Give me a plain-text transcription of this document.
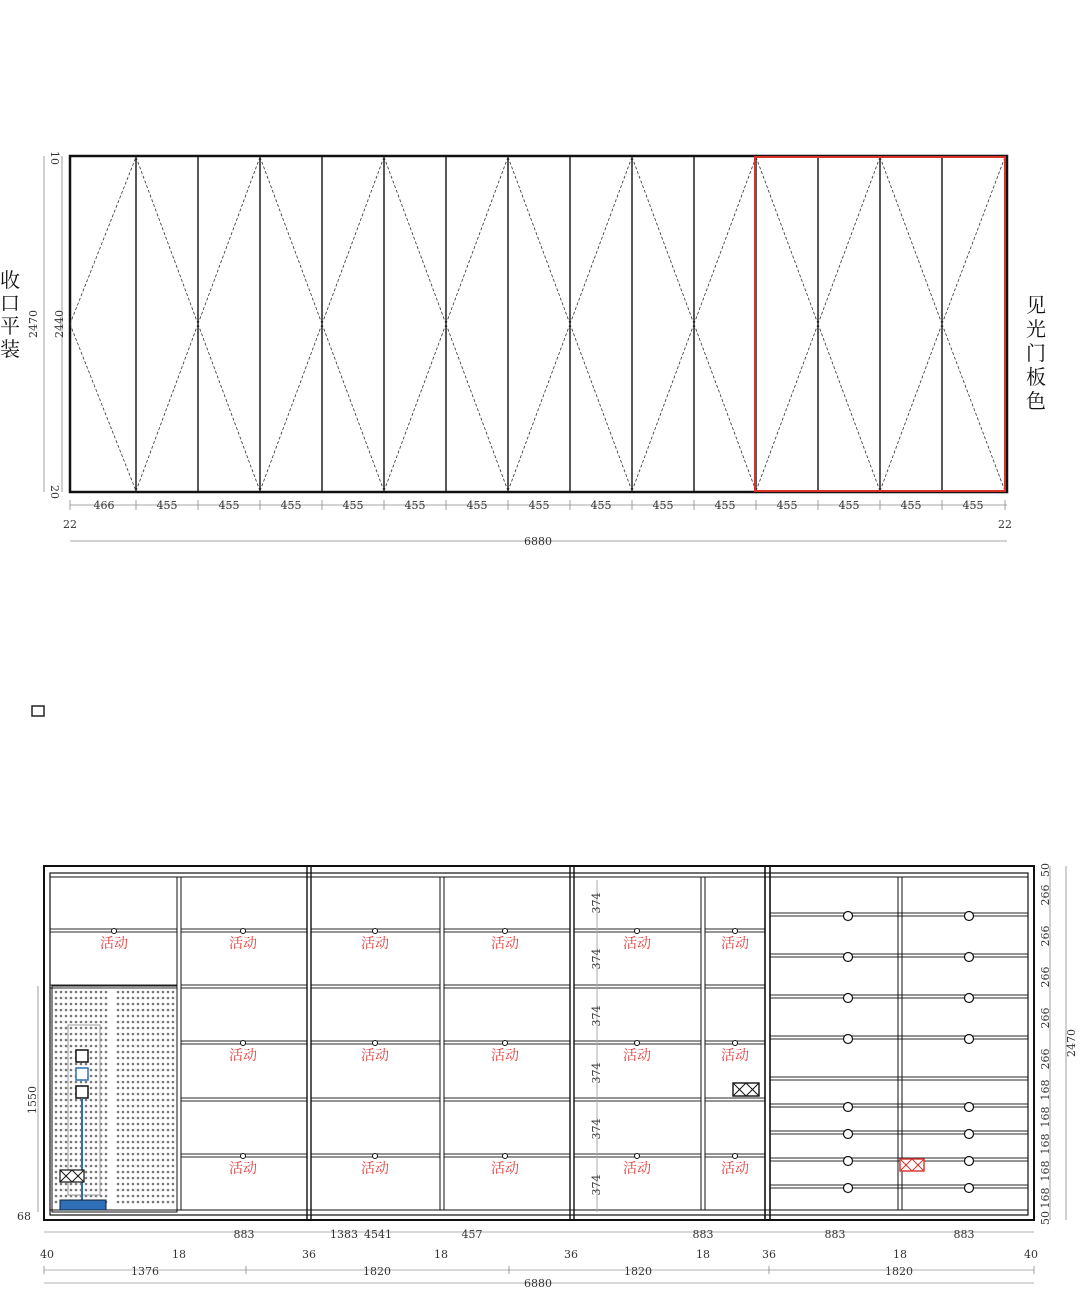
收
口
平
装
见
光
门
板
色
10
2440
2470
20
466	455	455	455	455	455	455	455	455	455	455	455	455	455	455
22	22
6880
活动	活动	活动	活动	活动	活动
活动	活动	活动	活动	活动
活动	活动	活动	活动	活动
374
374
374
374
374
374
1550
68
50
266
266
266
266
266
168
168
168
168
168
50
2470
883	1383 4541	457	883	883	883
40	18	36	18	36	18	36	18	40
1376	1820	1820	1820
6880
